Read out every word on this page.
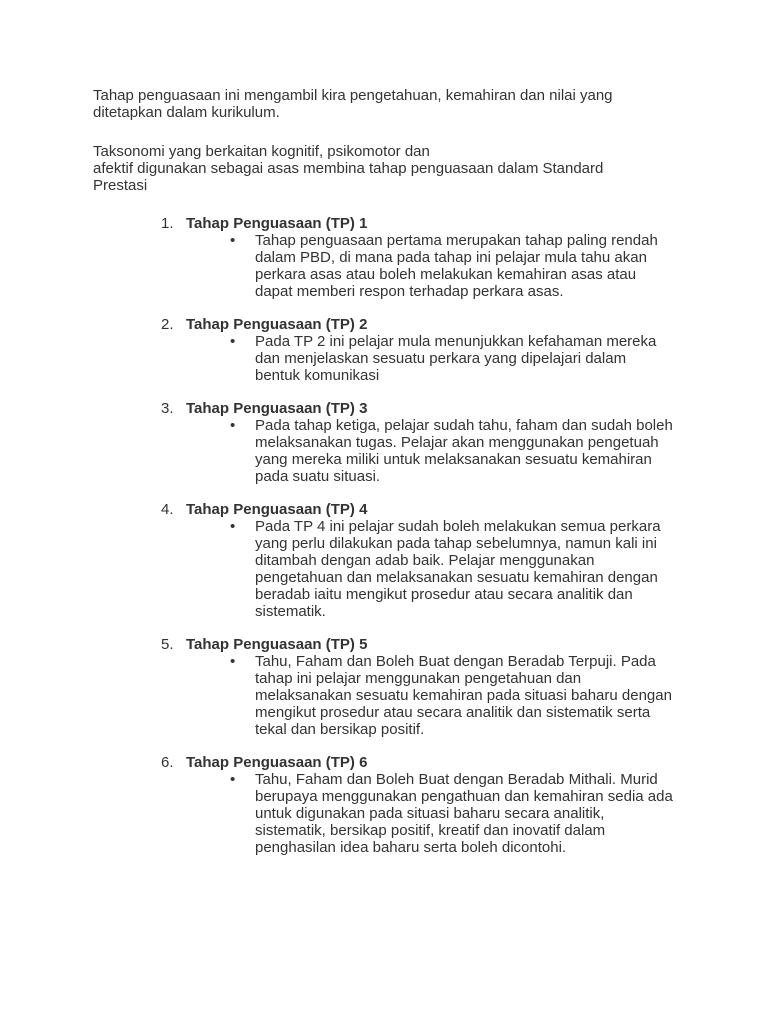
Tahap penguasaan ini mengambil kira pengetahuan, kemahiran dan nilai yang ditetapkan dalam kurikulum.

Taksonomi yang berkaitan kognitif, psikomotor dan
afektif digunakan sebagai asas membina tahap penguasaan dalam Standard Prestasi

1. Tahap Penguasaan (TP) 1
• Tahap penguasaan pertama merupakan tahap paling rendah dalam PBD, di mana pada tahap ini pelajar mula tahu akan perkara asas atau boleh melakukan kemahiran asas atau dapat memberi respon terhadap perkara asas.
2. Tahap Penguasaan (TP) 2
• Pada TP 2 ini pelajar mula menunjukkan kefahaman mereka dan menjelaskan sesuatu perkara yang dipelajari dalam bentuk komunikasi
3. Tahap Penguasaan (TP) 3
• Pada tahap ketiga, pelajar sudah tahu, faham dan sudah boleh melaksanakan tugas. Pelajar akan menggunakan pengetuah yang mereka miliki untuk melaksanakan sesuatu kemahiran pada suatu situasi.
4. Tahap Penguasaan (TP) 4
• Pada TP 4 ini pelajar sudah boleh melakukan semua perkara yang perlu dilakukan pada tahap sebelumnya, namun kali ini ditambah dengan adab baik. Pelajar menggunakan pengetahuan dan melaksanakan sesuatu kemahiran dengan beradab iaitu mengikut prosedur atau secara analitik dan sistematik.
5. Tahap Penguasaan (TP) 5
• Tahu, Faham dan Boleh Buat dengan Beradab Terpuji. Pada tahap ini pelajar menggunakan pengetahuan dan melaksanakan sesuatu kemahiran pada situasi baharu dengan mengikut prosedur atau secara analitik dan sistematik serta tekal dan bersikap positif.
6. Tahap Penguasaan (TP) 6
• Tahu, Faham dan Boleh Buat dengan Beradab Mithali. Murid berupaya menggunakan pengathuan dan kemahiran sedia ada untuk digunakan pada situasi baharu secara analitik, sistematik, bersikap positif, kreatif dan inovatif dalam penghasilan idea baharu serta boleh dicontohi.
